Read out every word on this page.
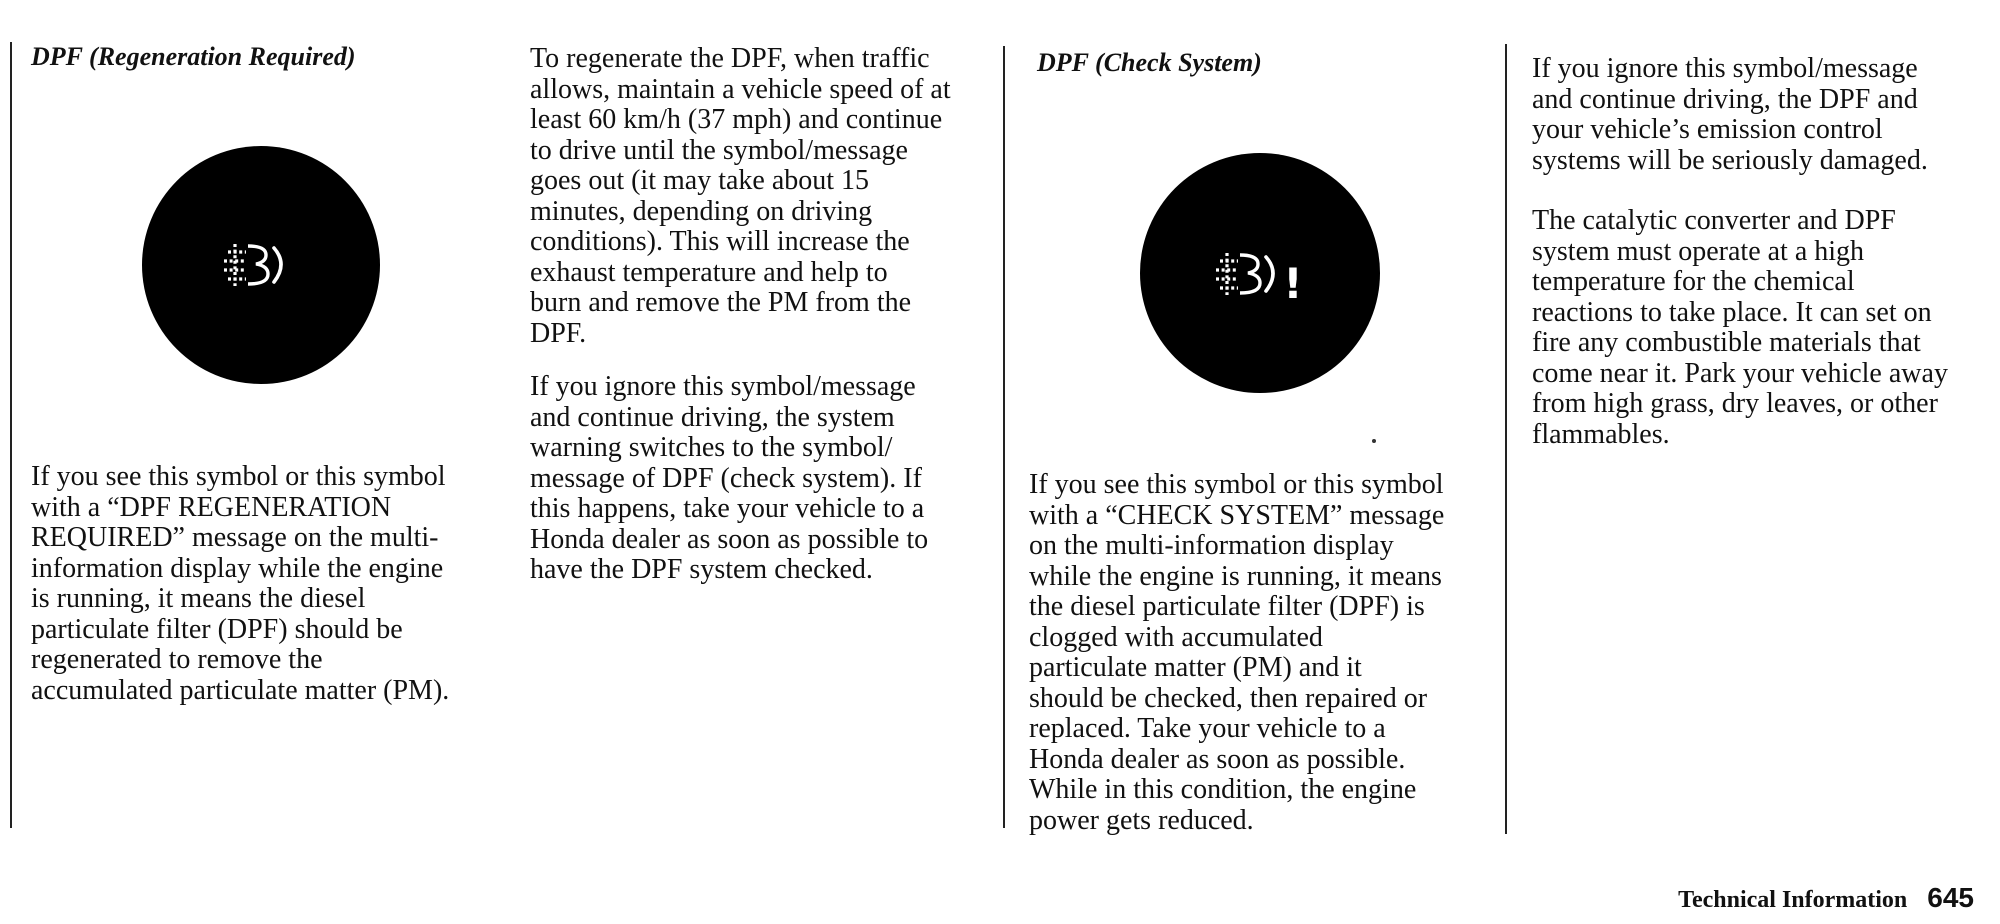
DPF (Regeneration Required)

If you see this symbol or this symbol
with a “DPF REGENERATION
REQUIRED” message on the multi-
information display while the engine
is running, it means the diesel
particulate filter (DPF) should be
regenerated to remove the
accumulated particulate matter (PM).

To regenerate the DPF, when traffic
allows, maintain a vehicle speed of at
least 60 km/h (37 mph) and continue
to drive until the symbol/message
goes out (it may take about 15
minutes, depending on driving
conditions). This will increase the
exhaust temperature and help to
burn and remove the PM from the
DPF.

If you ignore this symbol/message
and continue driving, the system
warning switches to the symbol/
message of DPF (check system). If
this happens, take your vehicle to a
Honda dealer as soon as possible to
have the DPF system checked.

DPF (Check System)
!

If you see this symbol or this symbol
with a “CHECK SYSTEM” message
on the multi-information display
while the engine is running, it means
the diesel particulate filter (DPF) is
clogged with accumulated
particulate matter (PM) and it
should be checked, then repaired or
replaced. Take your vehicle to a
Honda dealer as soon as possible.
While in this condition, the engine
power gets reduced.

If you ignore this symbol/message
and continue driving, the DPF and
your vehicle’s emission control
systems will be seriously damaged.

The catalytic converter and DPF
system must operate at a high
temperature for the chemical
reactions to take place. It can set on
fire any combustible materials that
come near it. Park your vehicle away
from high grass, dry leaves, or other
flammables.

Technical Information 645
